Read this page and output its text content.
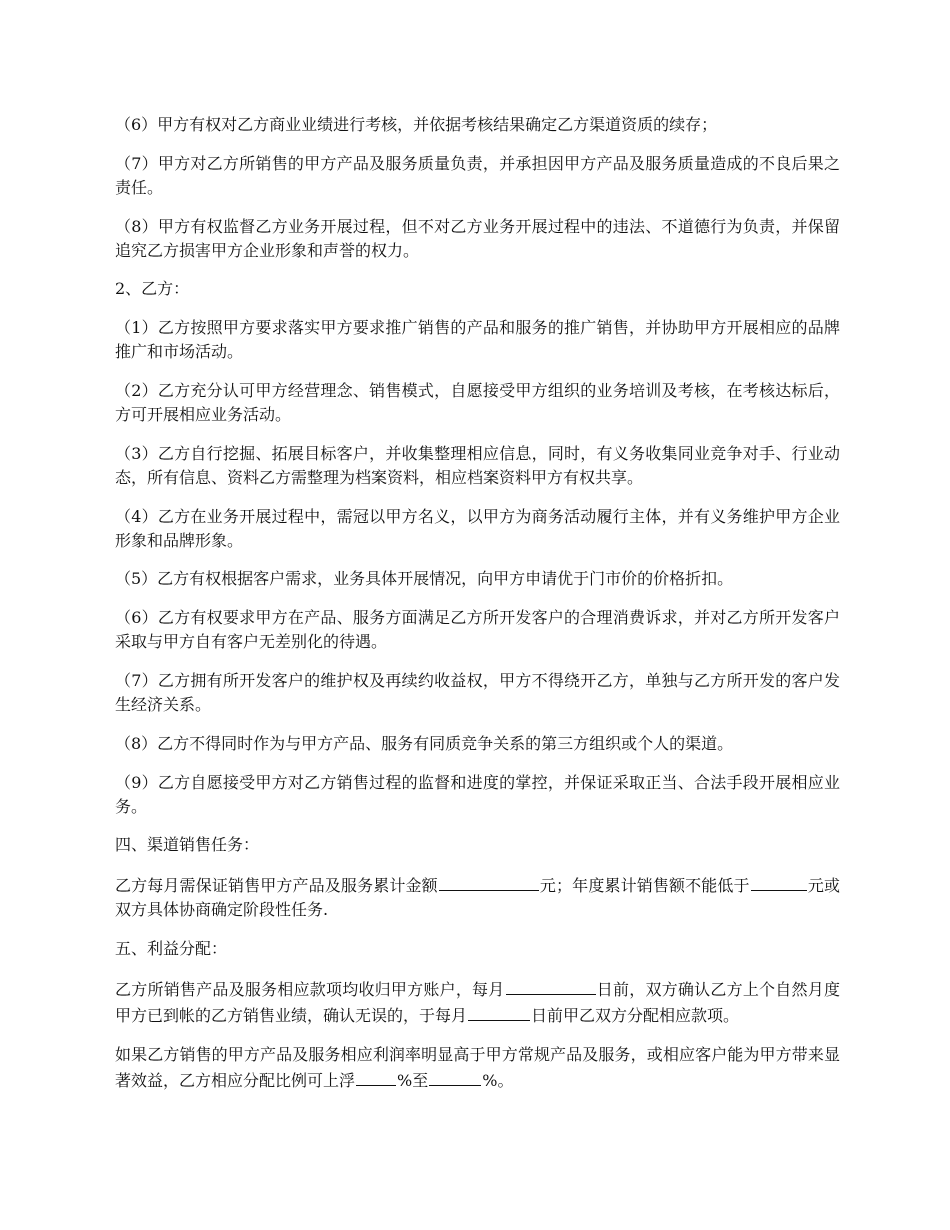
（6）甲方有权对乙方商业业绩进行考核，并依据考核结果确定乙方渠道资质的续存；

（7）甲方对乙方所销售的甲方产品及服务质量负责，并承担因甲方产品及服务质量造成的不良后果之责任。

（8）甲方有权监督乙方业务开展过程，但不对乙方业务开展过程中的违法、不道德行为负责，并保留追究乙方损害甲方企业形象和声誉的权力。

2、乙方：

（1）乙方按照甲方要求落实甲方要求推广销售的产品和服务的推广销售，并协助甲方开展相应的品牌推广和市场活动。

（2）乙方充分认可甲方经营理念、销售模式，自愿接受甲方组织的业务培训及考核，在考核达标后，方可开展相应业务活动。

（3）乙方自行挖掘、拓展目标客户，并收集整理相应信息，同时，有义务收集同业竞争对手、行业动态，所有信息、资料乙方需整理为档案资料，相应档案资料甲方有权共享。

（4）乙方在业务开展过程中，需冠以甲方名义，以甲方为商务活动履行主体，并有义务维护甲方企业形象和品牌形象。

（5）乙方有权根据客户需求，业务具体开展情况，向甲方申请优于门市价的价格折扣。

（6）乙方有权要求甲方在产品、服务方面满足乙方所开发客户的合理消费诉求，并对乙方所开发客户采取与甲方自有客户无差别化的待遇。

（7）乙方拥有所开发客户的维护权及再续约收益权，甲方不得绕开乙方，单独与乙方所开发的客户发生经济关系。

（8）乙方不得同时作为与甲方产品、服务有同质竞争关系的第三方组织或个人的渠道。

（9）乙方自愿接受甲方对乙方销售过程的监督和进度的掌控，并保证采取正当、合法手段开展相应业务。

四、渠道销售任务：

乙方每月需保证销售甲方产品及服务累计金额	元；年度累计销售额不能低于	元或双方具体协商确定阶段性任务.

五、利益分配：

乙方所销售产品及服务相应款项均收归甲方账户，每月	日前，双方确认乙方上个自然月度甲方已到帐的乙方销售业绩，确认无误的，于每月	日前甲乙双方分配相应款项。

如果乙方销售的甲方产品及服务相应利润率明显高于甲方常规产品及服务，或相应客户能为甲方带来显著效益，乙方相应分配比例可上浮	%至	%。
